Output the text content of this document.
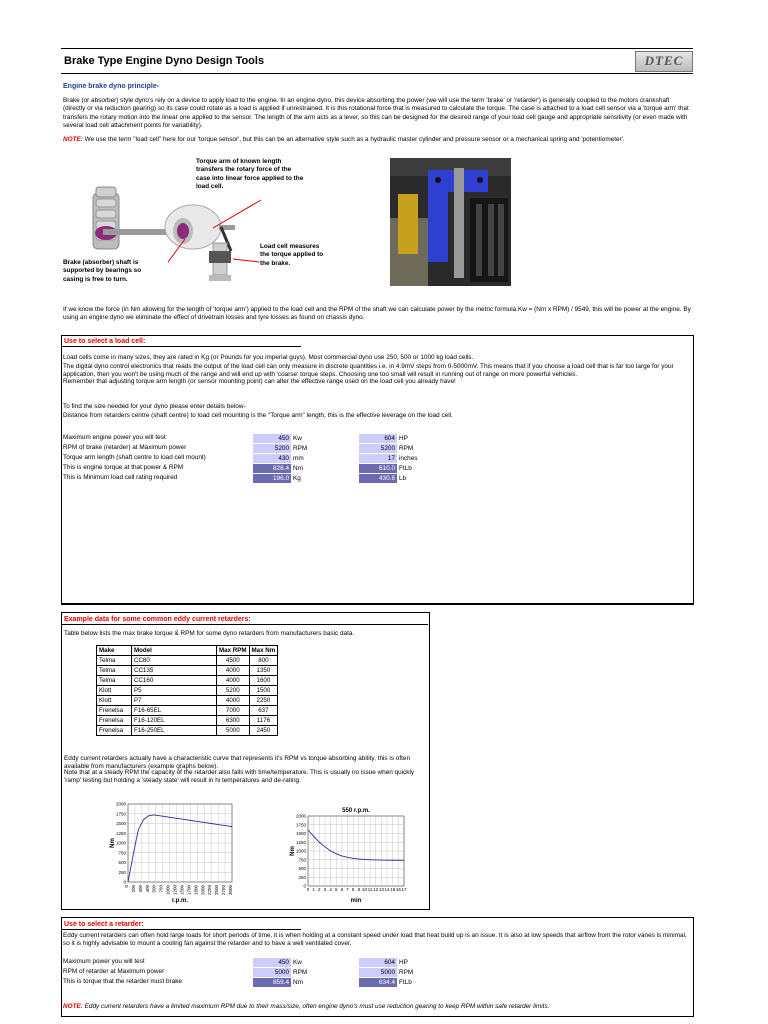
Brake Type Engine Dyno Design Tools	DTEC
Engine brake dyno principle-
Brake (or absorber) style dyno's rely on a device to apply load to the engine. In an engine dyno, this device absorbing the power (we will use the term 'brake' or 'retarder') is generally coupled to the motors crankshaft (directly or via reduction gearing) so its case could rotate as a load is applied if unrestrained. It is this rotational force that is measured to calculate the torque. The case is attached to a load cell sensor via a 'torque arm' that transfers the rotary motion into the linear one applied to the sensor. The length of the arm acts as a lever, so this can be designed for the desired range of your load cell gauge and appropriate sensitivity (or even made with several load cell attachment points for variability).
NOTE: We use the term "load cell" here for our 'torque sensor', but this can be an alternative style such as a hydraulic master cylinder and pressure sensor or a mechanical spring and 'potentiometer'.
Torque arm of known length transfers the rotary force of the case into linear force applied to the load cell.
Load cell measures the torque applied to the brake.
Brake (absorber) shaft is supported by bearings so casing is free to turn.
If we know the force (in Nm allowing for the length of 'torque arm') applied to the load cell and the RPM of the shaft we can calculate power by the metric formula Kw = (Nm x RPM) / 9549, this will be power at the engine. By using an engine dyno we eliminate the effect of drivetrain losses and tyre losses as found on chassis dyno.
Use to select a load cell:
Load cells come in many sizes, they are rated in Kg (or Pounds for you imperial guys). Most commercial dyno use 250, 500 or 1000 kg load cells.
The digital dyno control electronics that reads the output of the load cell can only measure in discrete quantities i.e. in 4.9mV steps from 0-5000mV. This means that if you choose a load cell that is far too large for your application, then you won't be using much of the range and will end up with 'coarse' torque steps. Choosing one too small will result in running out of range on more powerful vehicles.
Remember that adjusting torque arm length (or sensor mounting point) can alter the effective range used on the load cell you already have!
To find the size needed for your dyno please enter details below-
Distance from retarders centre (shaft centre) to load cell mounting is the "Torque arm" length, this is the effective leverage on the load cell.
Maximum engine power you will test	450 Kw	604 HP
RPM of brake (retarder) at Maximum power	5200 RPM	5200 RPM
Torque arm length (shaft centre to load cell mount)	430 mm	17 inches
This is engine torque at that power & RPM	826.4 Nm	610.0 FtLb
This is Minimum load cell rating required	196.0 Kg	430.6 Lb
Example data for some common eddy current retarders:
Table below lists the max brake torque & RPM for some dyno retarders from manufacturers basic data.
Make	Model	Max RPM	Max Nm
Telma	CC80	4500	800
Telma	CC135	4000	1350
Telma	CC160	4000	1600
Klott	P5	5200	1500
Klott	P7	4000	2250
Frenelsa	F16-65EL	7000	637
Frenelsa	F16-120EL	6300	1176
Frenelsa	F16-250EL	5000	2450
Eddy current retarders actually have a characteristic curve that represents it's RPM vs torque absorbing ability, this is often available from manufacturers (example graphs below).
Note that at a steady RPM the capacity of the retarder also falls with time/temperature. This is usually no issue when quickly 'ramp' testing but holding a 'steady state' will result in hi temperatures and de-rating.
0
250
500
750
1000
1250
1500
1750
2000
0 200 300 400 500 750 1000 1200 1500 1700 1800 2000 2250 2500 2750 3000
Nm
r.p.m.
0
250
500
750
1000
1250
1500
1750
2000
0 1 2 3 4 5 6 7 8 9 10 11 12 13 14 15 16 17
Nm
min
550 r.p.m.
Use to select a retarder:
Eddy current retarders can often hold large loads for short periods of time, it is when holding at a constant speed under load that heat build up is an issue. It is also at low speeds that airflow from the rotor vanes is minimal, so it is highly advisable to mount a cooling fan against the retarder and to have a well ventilated cover.
Maximum power you will test	450 Kw	604 HP
RPM of retarder at Maximum power	5000 RPM	5000 RPM
This is torque that the retarder must brake	859.4 Nm	634.4 FtLb
NOTE: Eddy current retarders have a limited maximum RPM due to their mass/size, often engine dyno's must use reduction gearing to keep RPM within safe retarder limits.
